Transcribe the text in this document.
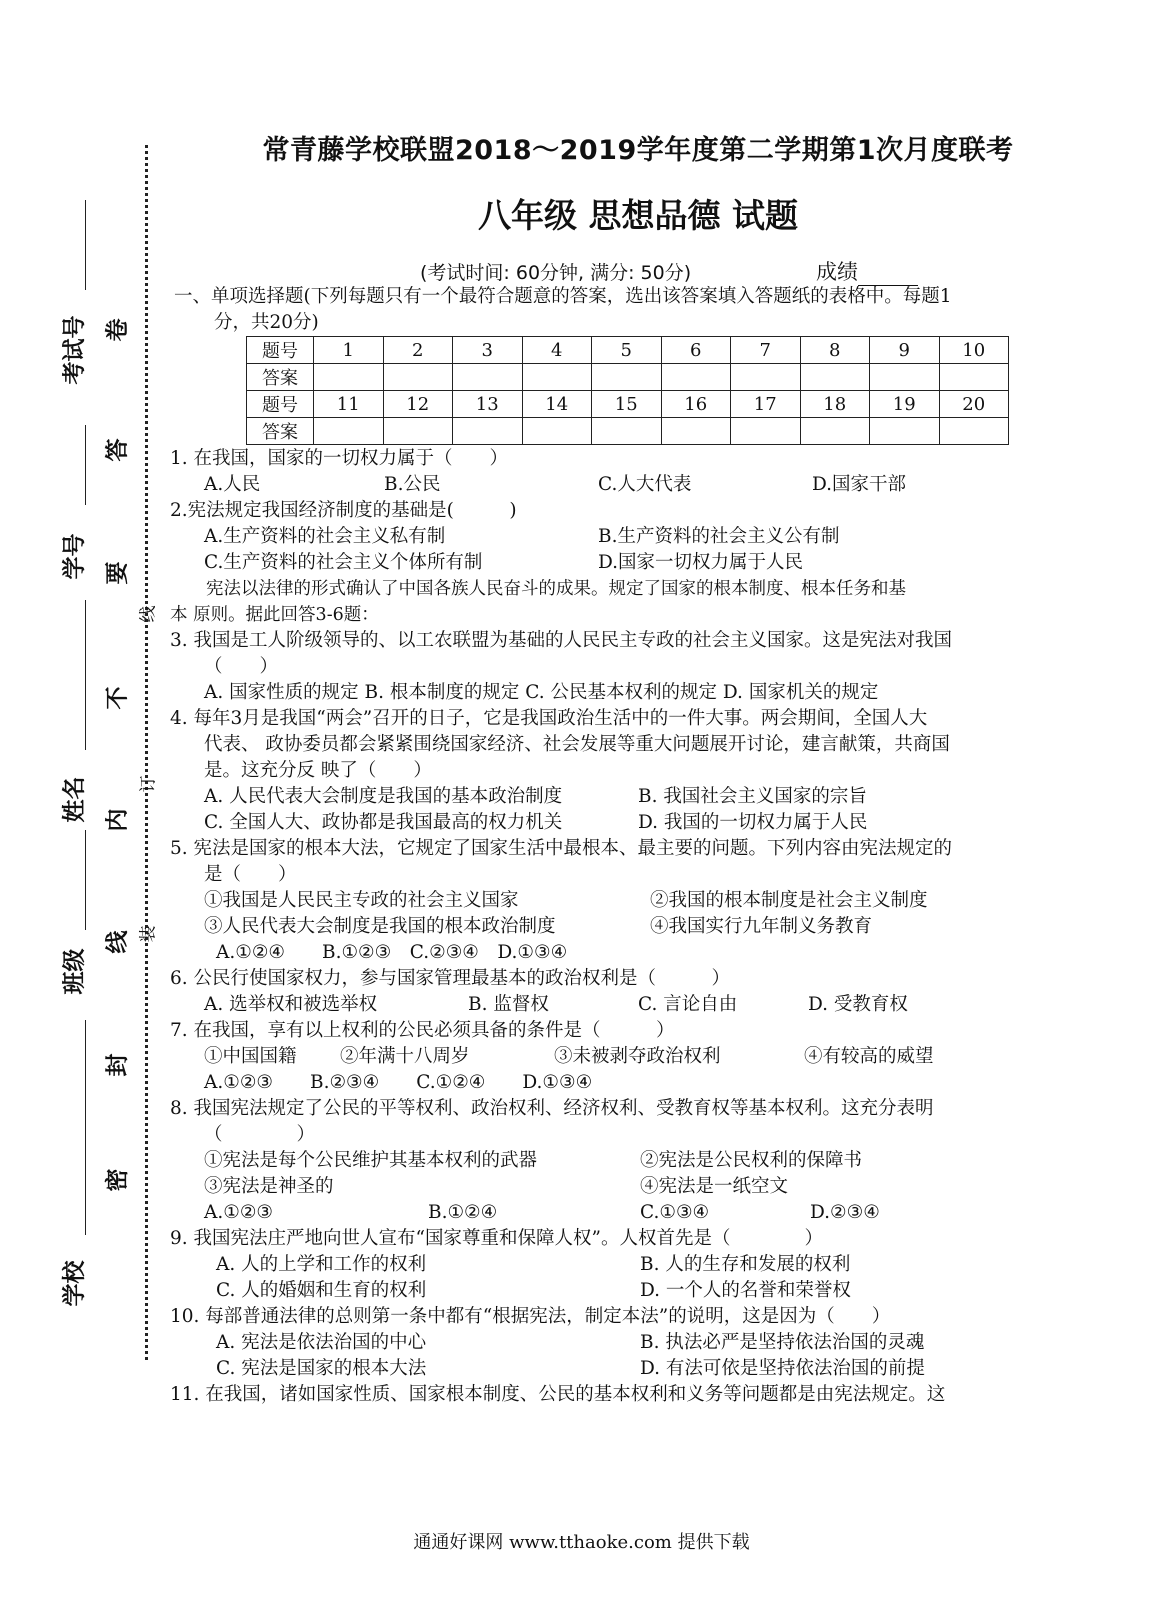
考试号
学号
姓名
班级
学校
卷
答
要
不
内
线
封
密
线
订
装
常青藤学校联盟2018～2019学年度第二学期第1次月度联考
八年级 思想品德 试题
(考试时间: 60分钟, 满分: 50分)	成绩
题号	1	2	3	4	5	6	7	8	9	10
答案										
题号	11	12	13	14	15	16	17	18	19	20
答案										

一、单项选择题(下列每题只有一个最符合题意的答案，选出该答案填入答题纸的表格中。每题1

分，共20分)

1. 在我国，国家的一切权力属于（　　）

A.人民	B.公民	C.人大代表	D.国家干部

2.宪法规定我国经济制度的基础是(　　　)

A.生产资料的社会主义私有制	B.生产资料的社会主义公有制

C.生产资料的社会主义个体所有制	D.国家一切权力属于人民

宪法以法律的形式确认了中国各族人民奋斗的成果。规定了国家的根本制度、根本任务和基

本 原则。据此回答3-6题：

3. 我国是工人阶级领导的、以工农联盟为基础的人民民主专政的社会主义国家。这是宪法对我国

（　　）

A. 国家性质的规定 B. 根本制度的规定 C. 公民基本权利的规定 D. 国家机关的规定

4. 每年3月是我国“两会”召开的日子，它是我国政治生活中的一件大事。两会期间，全国人大

代表、 政协委员都会紧紧围绕国家经济、社会发展等重大问题展开讨论，建言献策，共商国

是。这充分反 映了（　　）

A. 人民代表大会制度是我国的基本政治制度	B. 我国社会主义国家的宗旨

C. 全国人大、政协都是我国最高的权力机关	D. 我国的一切权力属于人民

5. 宪法是国家的根本大法，它规定了国家生活中最根本、最主要的问题。下列内容由宪法规定的

是（　　）

①我国是人民民主专政的社会主义国家	②我国的根本制度是社会主义制度

③人民代表大会制度是我国的根本政治制度	④我国实行九年制义务教育

A.①②④　　B.①②③　C.②③④　D.①③④

6. 公民行使国家权力，参与国家管理最基本的政治权利是（　　　）

A. 选举权和被选举权	B. 监督权	C. 言论自由	D. 受教育权

7. 在我国，享有以上权利的公民必须具备的条件是（　　　）

①中国国籍 ②年满十八周岁	③未被剥夺政治权利	④有较高的威望

A.①②③　　B.②③④　　C.①②④　　D.①③④

8. 我国宪法规定了公民的平等权利、政治权利、经济权利、受教育权等基本权利。这充分表明

（　　　　）

①宪法是每个公民维护其基本权利的武器	②宪法是公民权利的保障书

③宪法是神圣的	④宪法是一纸空文

A.①②③	B.①②④	C.①③④	D.②③④

9. 我国宪法庄严地向世人宣布“国家尊重和保障人权”。人权首先是（　　　　）

A. 人的上学和工作的权利	B. 人的生存和发展的权利

C. 人的婚姻和生育的权利	D. 一个人的名誉和荣誉权

10. 每部普通法律的总则第一条中都有“根据宪法，制定本法”的说明，这是因为（　　）

A. 宪法是依法治国的中心	B. 执法必严是坚持依法治国的灵魂

C. 宪法是国家的根本大法	D. 有法可依是坚持依法治国的前提

11. 在我国，诸如国家性质、国家根本制度、公民的基本权利和义务等问题都是由宪法规定。这

通通好课网 www.tthaoke.com 提供下载
